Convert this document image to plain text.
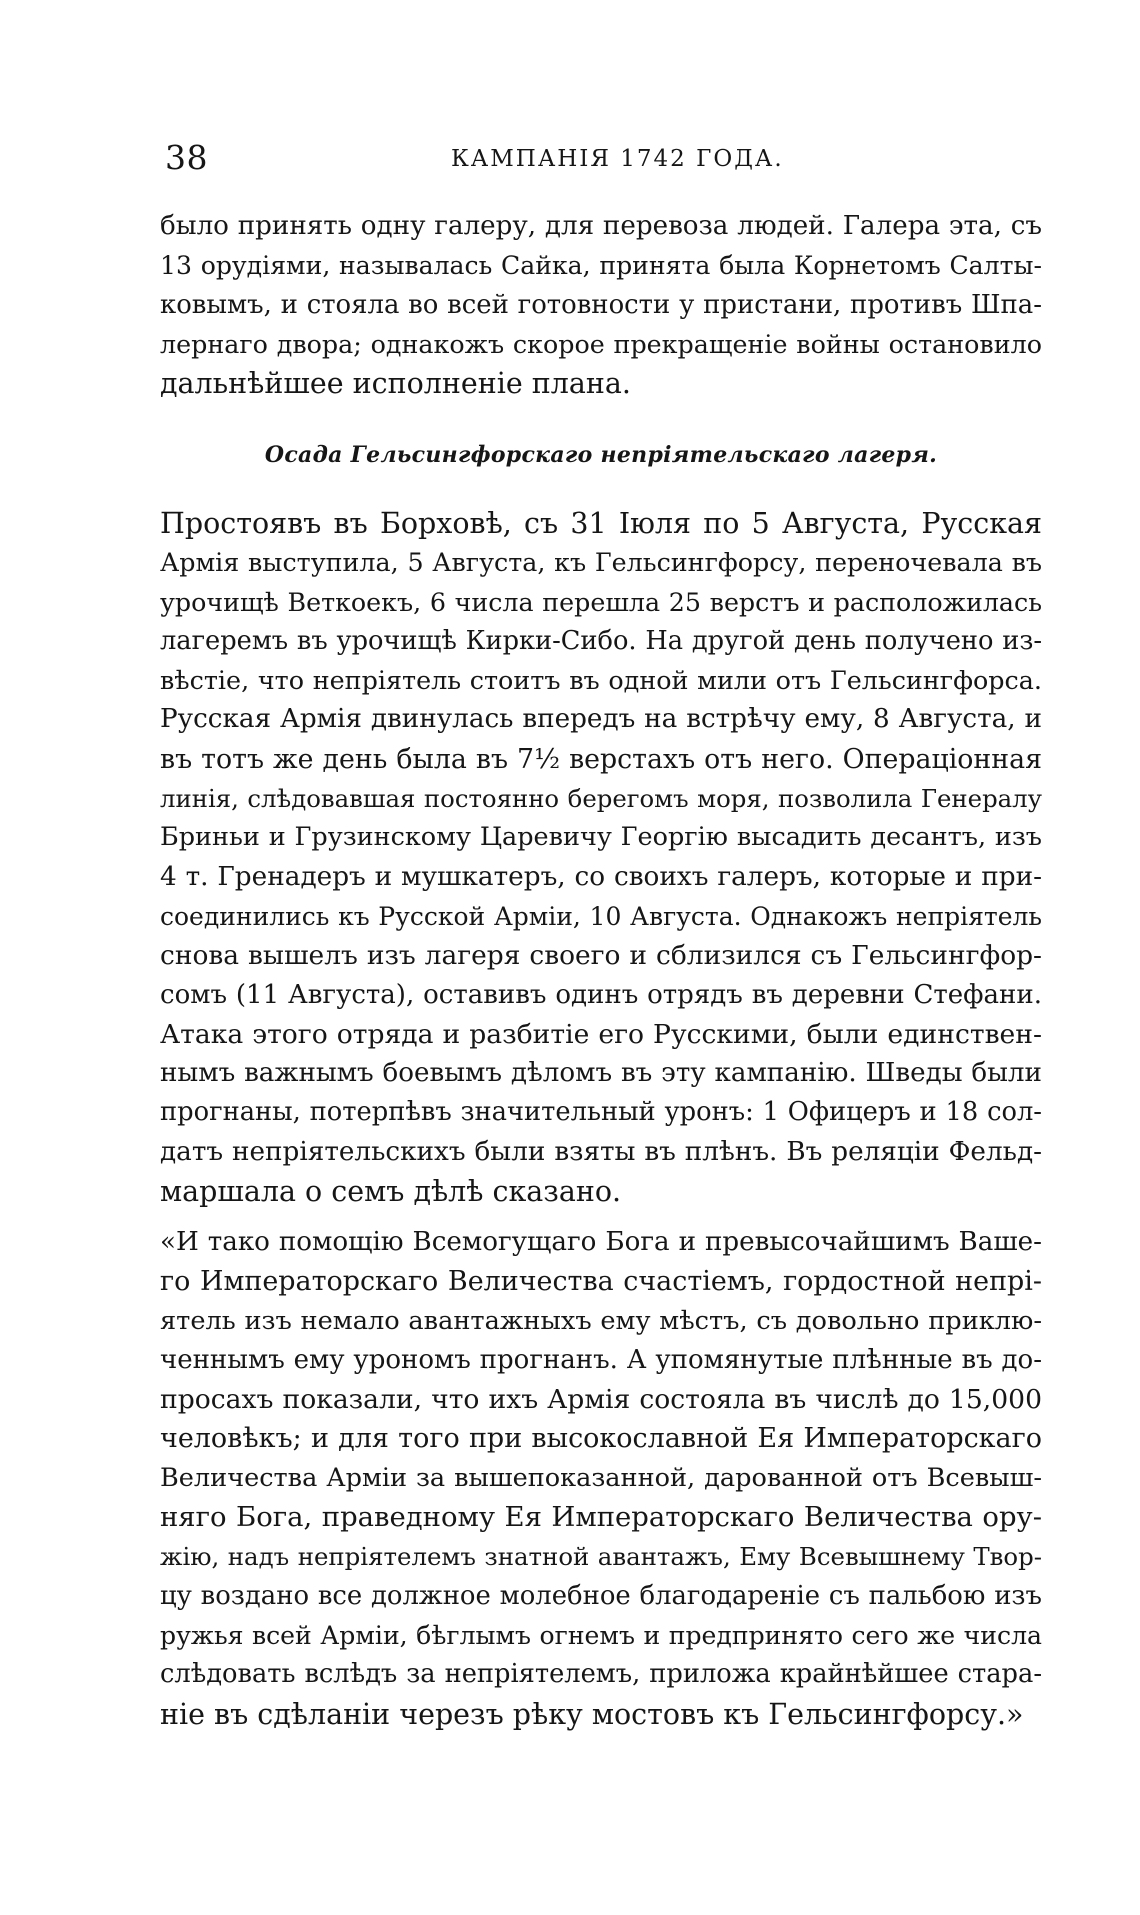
38	КАМПАНІЯ 1742 ГОДА.
было принять одну галеру, для перевоза людей. Галера эта, съ
13 орудіями, называлась Сайка, принята была Корнетомъ Салты-
ковымъ, и стояла во всей готовности у пристани, противъ Шпа-
лернаго двора; однакожъ скорое прекращеніе войны остановило
дальнѣйшее исполненіе плана.
Осада Гельсингфорскаго непріятельскаго лагеря.
Простоявъ въ Борховѣ, съ 31 Іюля по 5 Августа, Русская
Армія выступила, 5 Августа, къ Гельсингфорсу, переночевала въ
урочищѣ Веткоекъ, 6 числа перешла 25 верстъ и расположилась
лагеремъ въ урочищѣ Кирки-Сибо. На другой день получено из-
вѣстіе, что непріятель стоитъ въ одной мили отъ Гельсингфорса.
Русская Армія двинулась впередъ на встрѣчу ему, 8 Августа, и
въ тотъ же день была въ 7½ верстахъ отъ него. Операціонная
линія, слѣдовавшая постоянно берегомъ моря, позволила Генералу
Бриньи и Грузинскому Царевичу Георгію высадить десантъ, изъ
4 т. Гренадеръ и мушкатеръ, со своихъ галеръ, которые и при-
соединились къ Русской Арміи, 10 Августа. Однакожъ непріятель
снова вышелъ изъ лагеря своего и сблизился съ Гельсингфор-
сомъ (11 Августа), оставивъ одинъ отрядъ въ деревни Стефани.
Атака этого отряда и разбитіе его Русскими, были единствен-
нымъ важнымъ боевымъ дѣломъ въ эту кампанію. Шведы были
прогнаны, потерпѣвъ значительный уронъ: 1 Офицеръ и 18 сол-
датъ непріятельскихъ были взяты въ плѣнъ. Въ реляціи Фельд-
маршала о семъ дѣлѣ сказано.
«И тако помощію Всемогущаго Бога и превысочайшимъ Ваше-
го Императорскаго Величества счастіемъ, гордостной непрі-
ятель изъ немало авантажныхъ ему мѣстъ, съ довольно приклю-
ченнымъ ему урономъ прогнанъ. А упомянутые плѣнные въ до-
просахъ показали, что ихъ Армія состояла въ числѣ до 15,000
человѣкъ; и для того при высокославной Ея Императорскаго
Величества Арміи за вышепоказанной, дарованной отъ Всевыш-
няго Бога, праведному Ея Императорскаго Величества ору-
жію, надъ непріятелемъ знатной авантажъ, Ему Всевышнему Твор-
цу воздано все должное молебное благодареніе съ пальбою изъ
ружья всей Арміи, бѣглымъ огнемъ и предпринято сего же числа
слѣдовать вслѣдъ за непріятелемъ, приложа крайнѣйшее стара-
ніе въ сдѣланіи черезъ рѣку мостовъ къ Гельсингфорсу.»
